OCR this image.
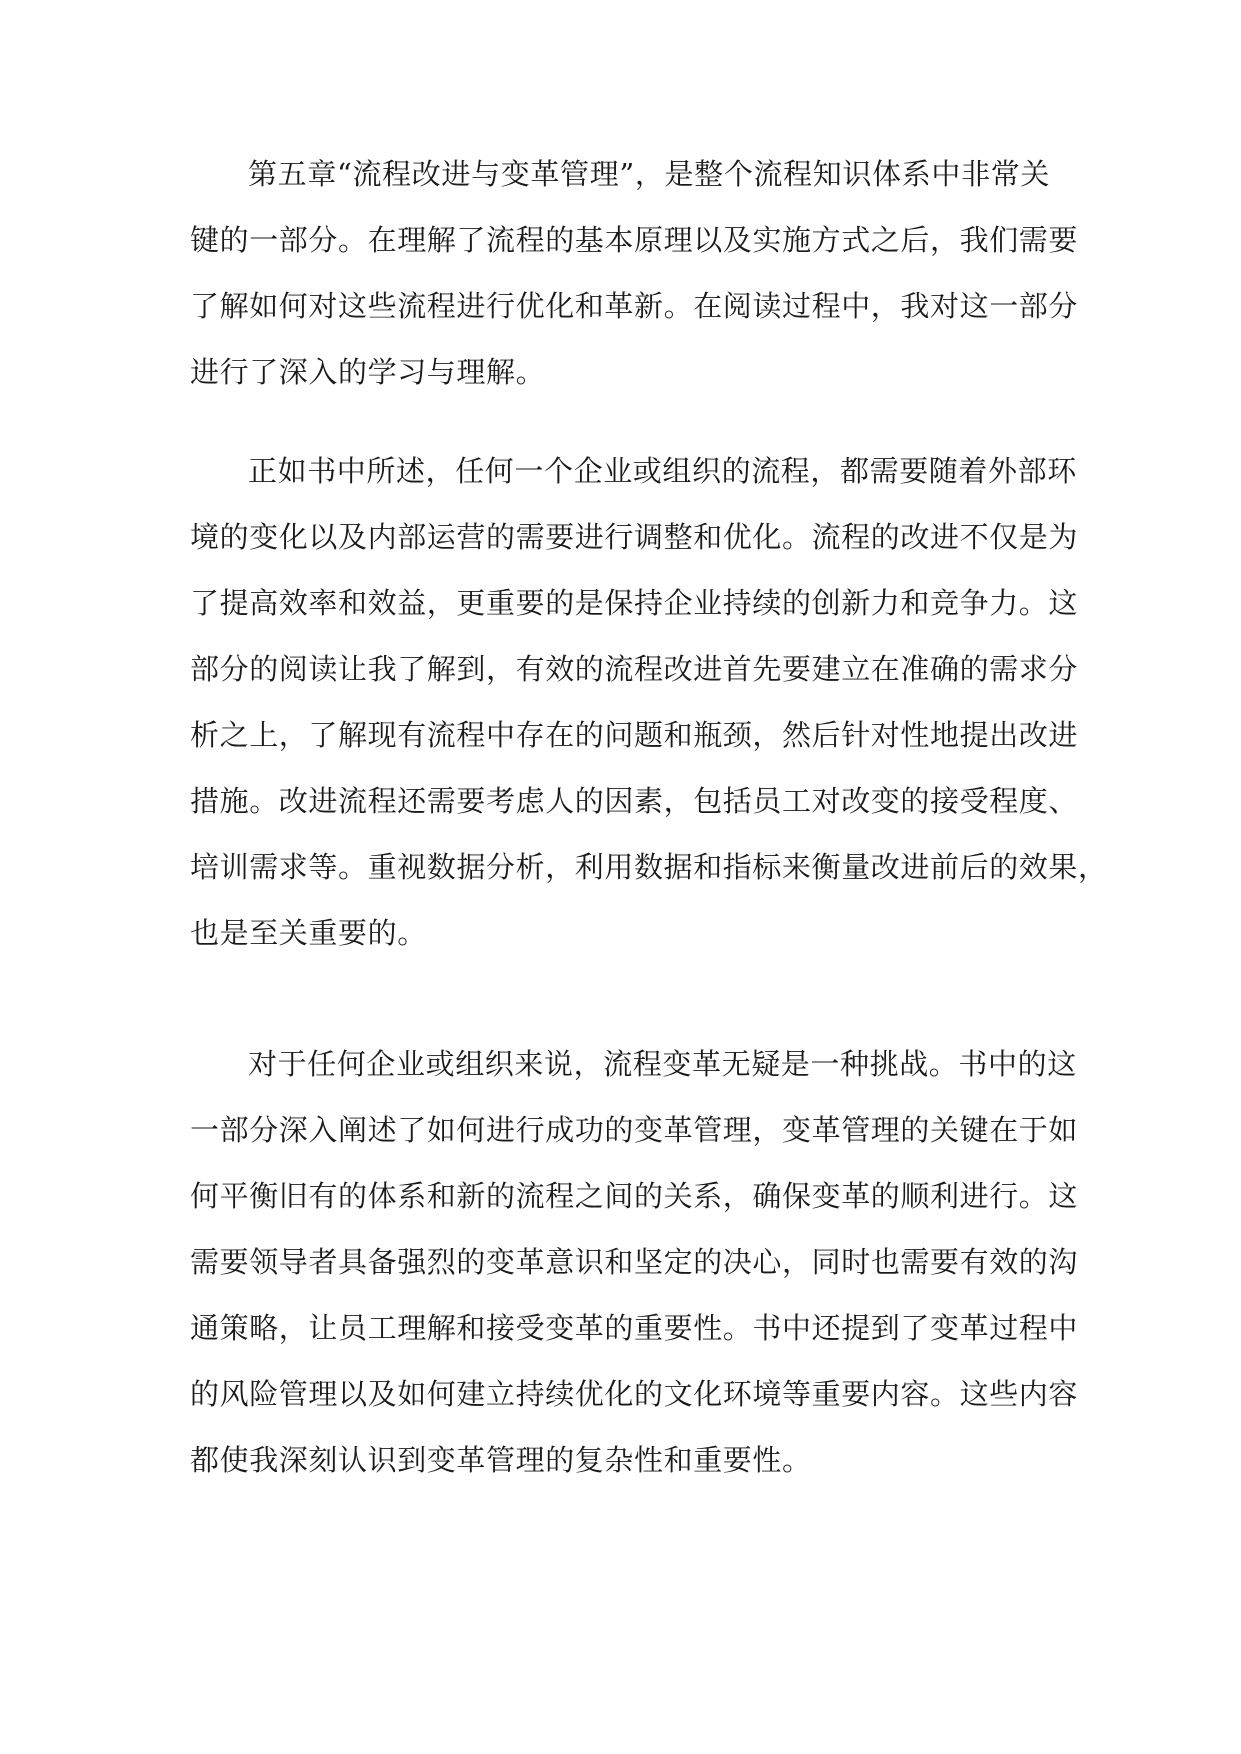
第五章“流程改进与变革管理”，是整个流程知识体系中非常关
键的一部分。在理解了流程的基本原理以及实施方式之后，我们需要
了解如何对这些流程进行优化和革新。在阅读过程中，我对这一部分
进行了深入的学习与理解。
正如书中所述，任何一个企业或组织的流程，都需要随着外部环
境的变化以及内部运营的需要进行调整和优化。流程的改进不仅是为
了提高效率和效益，更重要的是保持企业持续的创新力和竞争力。这
部分的阅读让我了解到，有效的流程改进首先要建立在准确的需求分
析之上，了解现有流程中存在的问题和瓶颈，然后针对性地提出改进
措施。改进流程还需要考虑人的因素，包括员工对改变的接受程度、
培训需求等。重视数据分析，利用数据和指标来衡量改进前后的效果，
也是至关重要的。
对于任何企业或组织来说，流程变革无疑是一种挑战。书中的这
一部分深入阐述了如何进行成功的变革管理，变革管理的关键在于如
何平衡旧有的体系和新的流程之间的关系，确保变革的顺利进行。这
需要领导者具备强烈的变革意识和坚定的决心，同时也需要有效的沟
通策略，让员工理解和接受变革的重要性。书中还提到了变革过程中
的风险管理以及如何建立持续优化的文化环境等重要内容。这些内容
都使我深刻认识到变革管理的复杂性和重要性。
